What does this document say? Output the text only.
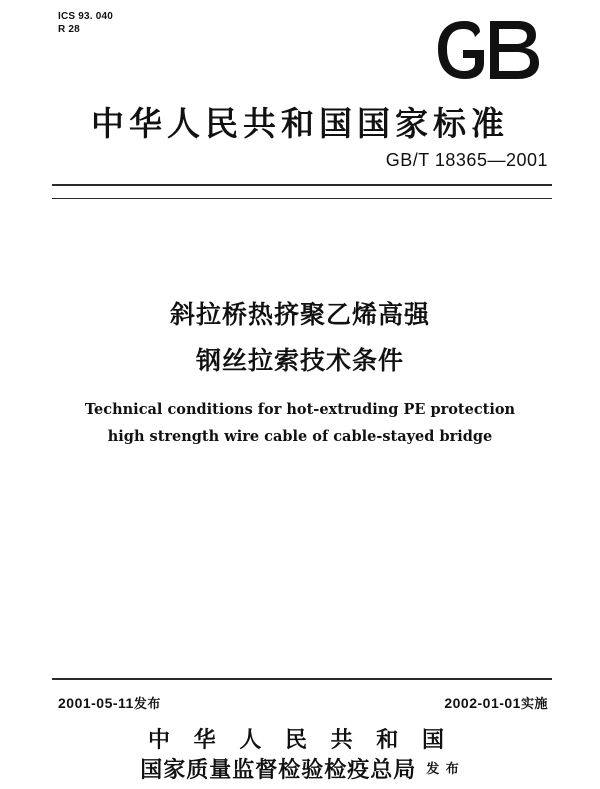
ICS 93. 040
R 28
中华人民共和国国家标准
GB/T 18365—2001
斜拉桥热挤聚乙烯高强
钢丝拉索技术条件
Technical conditions for hot-extruding PE protection
high strength wire cable of cable-stayed bridge
2001-05-11发布	2002-01-01实施
中 华 人 民 共 和 国
国家质量监督检验检疫总局 发 布
